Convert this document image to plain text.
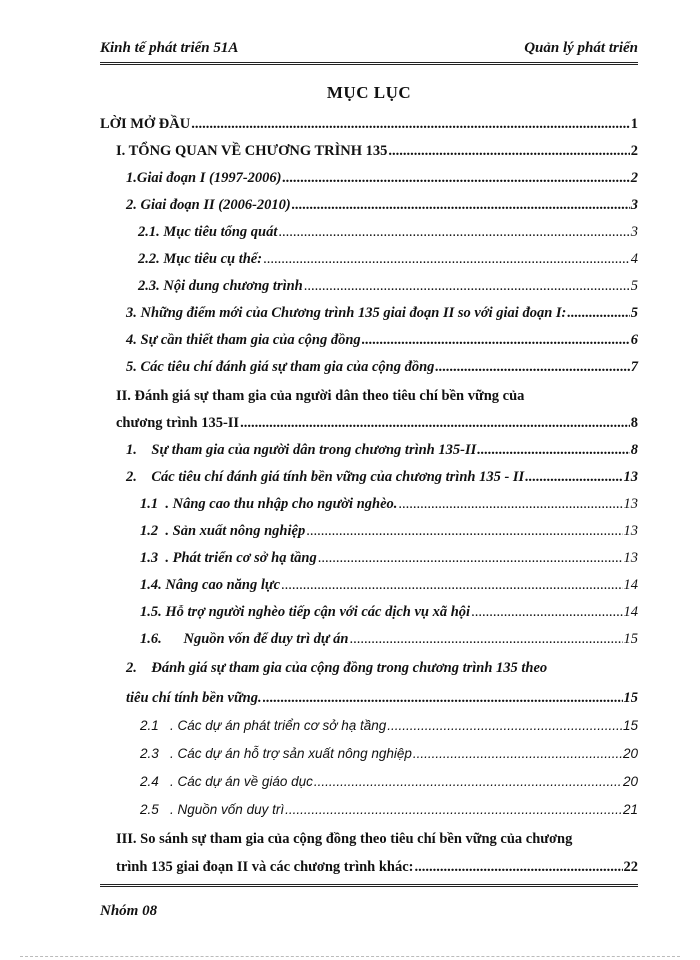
Kinh tế phát triển 51A	Quản lý phát triển
MỤC LỤC
LỜI MỞ ĐẦU .....	1
I. TỔNG QUAN VỀ CHƯƠNG TRÌNH 135 .....	2
1.Giai đoạn I (1997-2006) .....	2
2. Giai đoạn II (2006-2010) .....	3
2.1. Mục tiêu tổng quát .....	3
2.2. Mục tiêu cụ thể: .....	4
2.3. Nội dung chương trình .....	5
3. Những điểm mới của Chương trình 135 giai đoạn II so với giai đoạn I: .....	5
4. Sự cần thiết tham gia của cộng đồng .....	6
5. Các tiêu chí đánh giá sự tham gia của cộng đồng .....	7
II. Đánh giá sự tham gia của người dân theo tiêu chí bền vững của
chương trình 135-II .....	8
1.    Sự tham gia của người dân trong chương trình 135-II .....	8
2.    Các tiêu chí đánh giá tính bền vững của chương trình 135 - II .....	13
1.1  . Nâng cao thu nhập cho người nghèo. .....	13
1.2  . Sản xuất nông nghiệp .....	13
1.3  . Phát triển cơ sở hạ tầng .....	13
1.4. Nâng cao năng lực .....	14
1.5. Hỗ trợ người nghèo tiếp cận với các dịch vụ xã hội .....	14
1.6.      Nguồn vốn để duy trì dự án .....	15
2.    Đánh giá sự tham gia của cộng đồng trong chương trình 135 theo
tiêu chí tính bền vững. .....	15
2.1   . Các dự án phát triển cơ sở hạ tầng .....	15
2.3   . Các dự án hỗ trợ sản xuất nông nghiệp .....	20
2.4   . Các dự án về giáo dục .....	20
2.5   . Nguồn vốn duy trì .....	21
III. So sánh sự tham gia của cộng đồng theo tiêu chí bền vững của chương
trình 135 giai đoạn II và các chương trình khác: .....	22
Nhóm 08
